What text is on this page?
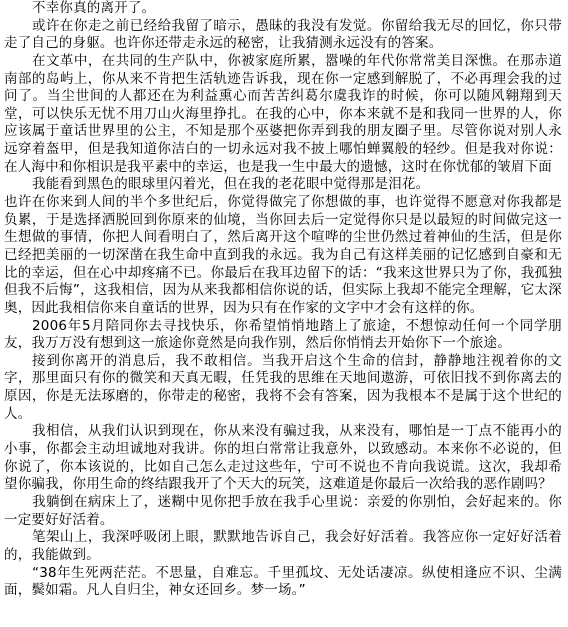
不幸你真的离开了。

或许在你走之前已经给我留了暗示，愚昧的我没有发觉。你留给我无尽的回忆，你只带走了自己的身躯。也许你还带走永远的秘密，让我猜测永远没有的答案。

在文革中，在共同的生产队中，你被家庭所累，嚣噪的年代你常常美目深憔。在那赤道南部的岛屿上，你从来不肯把生活轨迹告诉我，现在你一定感到解脱了，不必再理会我的过问了。当尘世间的人都还在为利益熏心而苦苦纠葛尔虞我诈的时候，你可以随风翱翔到天堂，可以快乐无忧不用刀山火海里挣扎。在我的心中，你本来就不是和我同一世界的人，你应该属于童话世界里的公主，不知是那个巫婆把你弄到我的朋友圈子里。尽管你说对别人永远穿着盔甲，但是我知道你洁白的一切永远对我不披上哪怕蝉翼般的轻纱。但是我对你说：在人海中和你相识是我平素中的幸运，也是我一生中最大的遗憾，这时在你忧郁的皱眉下面

我能看到黑色的眼球里闪着光，但在我的老花眼中觉得那是泪花。

也许在你来到人间的半个多世纪后，你觉得做完了你想做的事，也许觉得不愿意对你我都是负累，于是选择洒脱回到你原来的仙境，当你回去后一定觉得你只是以最短的时间做完这一生想做的事情，你把人间看明白了，然后离开这个喧哗的尘世仍然过着神仙的生活，但是你已经把美丽的一切深凿在我生命中直到我的永远。我为自己有这样美丽的记忆感到自豪和无比的幸运，但在心中却疼痛不已。你最后在我耳边留下的话：“我来这世界只为了你，我孤独但我不后悔”，这我相信，因为从来我都相信你说的话，但实际上我却不能完全理解，它太深奥，因此我相信你来自童话的世界，因为只有在作家的文字中才会有这样的你。

2006年5月陪同你去寻找快乐，你希望悄悄地踏上了旅途，不想惊动任何一个同学朋友，我万万没有想到这一旅途你竟然是向我作别，然后你悄悄去开始你下一个旅途。

接到你离开的消息后，我不敢相信。当我开启这个生命的信封，静静地注视着你的文字，那里面只有你的微笑和天真无暇，任凭我的思维在天地间遨游，可依旧找不到你离去的原因，你是无法琢磨的，你带走的秘密，我将不会有答案，因为我根本不是属于这个世纪的人。

我相信，从我们认识到现在，你从来没有骗过我，从来没有，哪怕是一丁点不能再小的小事，你都会主动坦诚地对我讲。你的坦白常常让我意外，以致感动。本来你不必说的，但你说了，你本该说的，比如自己怎么走过这些年，宁可不说也不肯向我说谎。这次，我却希望你骗我，你用生命的终结跟我开了个天大的玩笑，这难道是你最后一次给我的恶作剧吗？

我躺倒在病床上了，迷糊中见你把手放在我手心里说：亲爱的你别怕，会好起来的。你一定要好好活着。

笔架山上，我深呼吸闭上眼，默默地告诉自己，我会好好活着。我答应你一定好好活着的，我能做到。

“38年生死两茫茫。不思量，自难忘。千里孤坟、无处话凄凉。纵使相逢应不识、尘满面，鬓如霜。凡人自归尘，神女还回乡。梦一场。”
